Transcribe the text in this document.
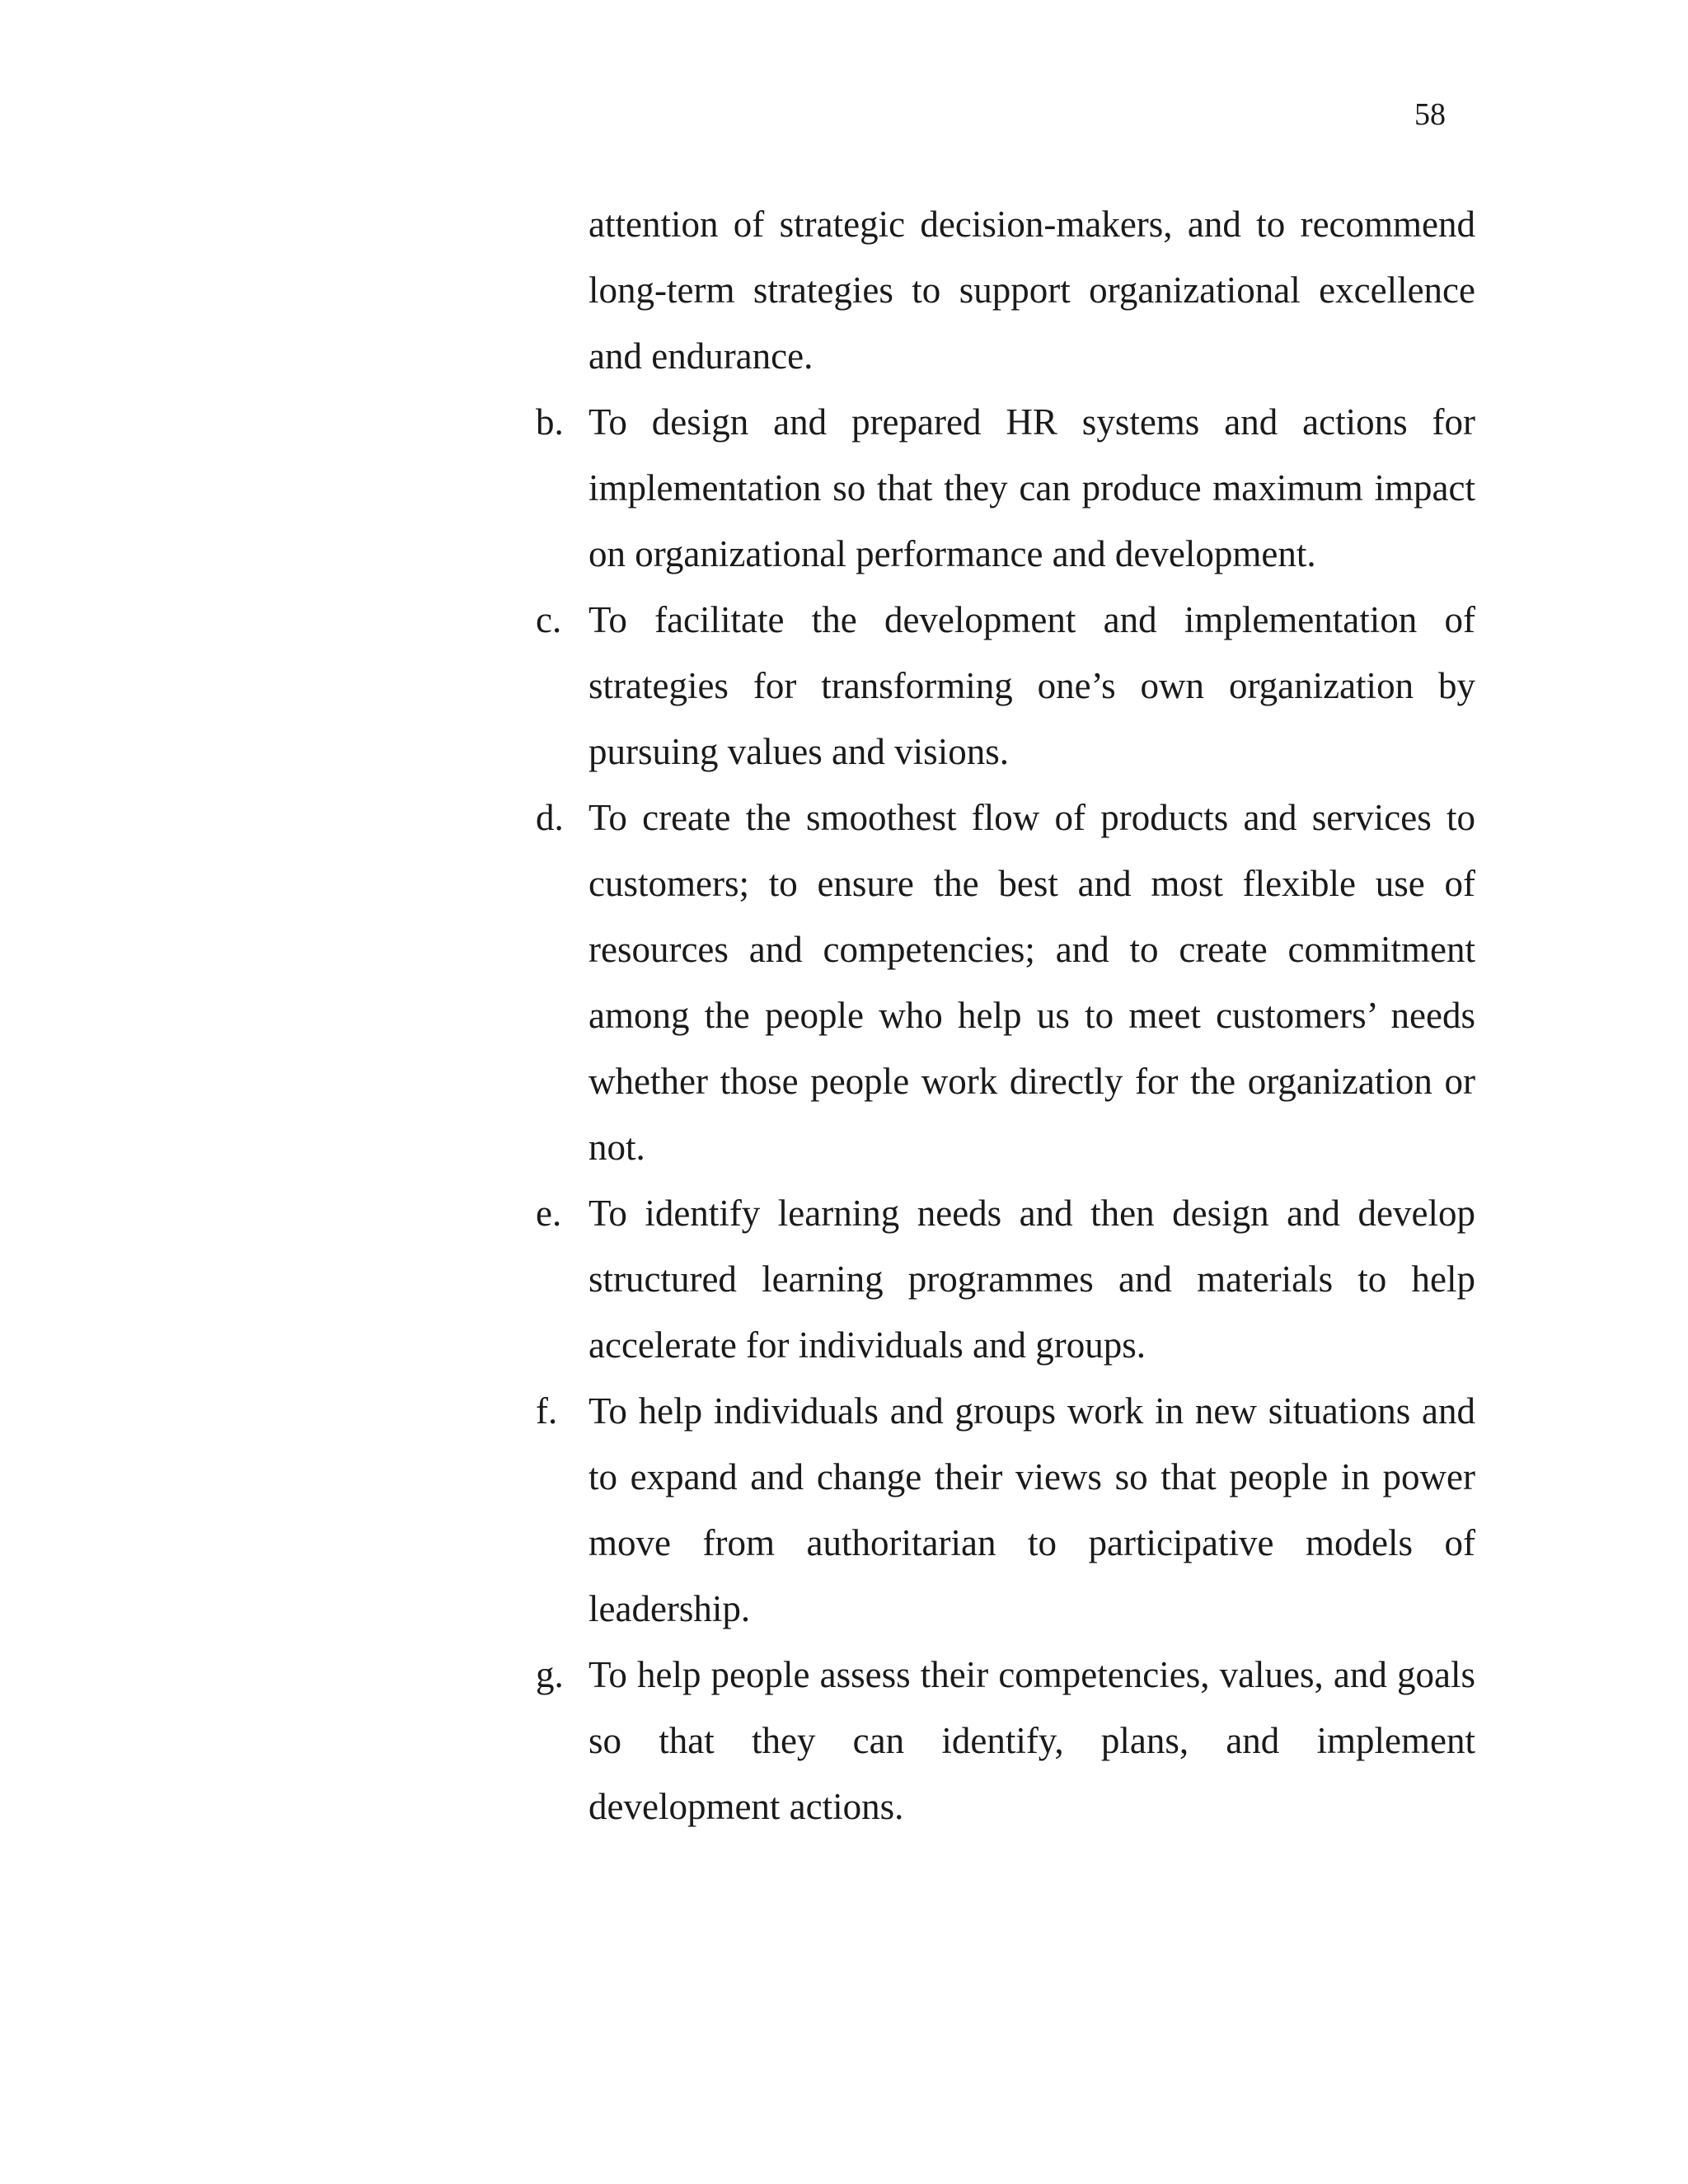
58

attention of strategic decision-makers, and to recommend long-term strategies to support organizational excellence and endurance.

b. To design and prepared HR systems and actions for implementation so that they can produce maximum impact on organizational performance and development.
c. To facilitate the development and implementation of strategies for transforming one’s own organization by pursuing values and visions.
d. To create the smoothest flow of products and services to customers; to ensure the best and most flexible use of resources and competencies; and to create commitment among the people who help us to meet customers’ needs whether those people work directly for the organization or not.
e. To identify learning needs and then design and develop structured learning programmes and materials to help accelerate for individuals and groups.
f. To help individuals and groups work in new situations and to expand and change their views so that people in power move from authoritarian to participative models of leadership.
g. To help people assess their competencies, values, and goals so that they can identify, plans, and implement development actions.
